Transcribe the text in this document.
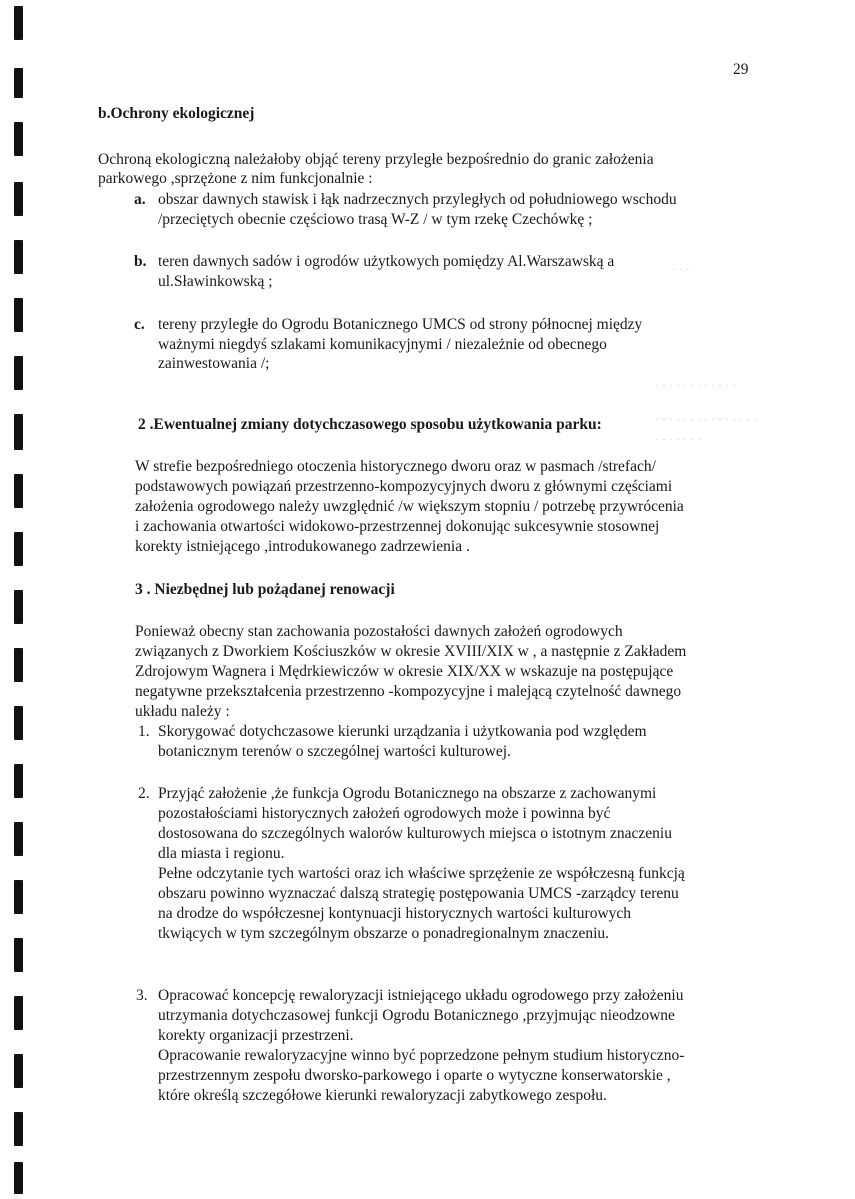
· · ·
· · · · · · · · · · · ·
· · · · · · · · · · · · · · ·
· · · · · · ·
29
b.Ochrony ekologicznej
Ochroną ekologiczną należałoby objąć tereny przyległe bezpośrednio do granic założenia
parkowego ,sprzężone z nim funkcjonalnie :
a. obszar dawnych stawisk i łąk nadrzecznych przyległych od południowego wschodu
/przeciętych obecnie częściowo trasą W-Z / w tym rzekę Czechówkę ;
b. teren dawnych sadów i ogrodów użytkowych pomiędzy Al.Warszawską a
ul.Sławinkowską ;
c. tereny przyległe do Ogrodu Botanicznego UMCS od strony północnej między
ważnymi niegdyś szlakami komunikacyjnymi / niezależnie od obecnego
zainwestowania /;
2 .Ewentualnej zmiany dotychczasowego sposobu użytkowania parku:
W strefie bezpośredniego otoczenia historycznego dworu oraz w pasmach /strefach/
podstawowych powiązań przestrzenno-kompozycyjnych dworu z głównymi częściami
założenia ogrodowego należy uwzględnić /w większym stopniu / potrzebę przywrócenia
i zachowania otwartości widokowo-przestrzennej dokonując sukcesywnie stosownej
korekty istniejącego ,introdukowanego zadrzewienia .
3 . Niezbędnej lub pożądanej renowacji
Ponieważ obecny stan zachowania pozostałości dawnych założeń ogrodowych
związanych z Dworkiem Kościuszków w okresie XVIII/XIX w , a następnie z Zakładem
Zdrojowym Wagnera i Mędrkiewiczów w okresie XIX/XX w wskazuje na postępujące
negatywne przekształcenia przestrzenno -kompozycyjne i malejącą czytelność dawnego
układu należy :
1. Skorygować dotychczasowe kierunki urządzania i użytkowania pod względem
botanicznym terenów o szczególnej wartości kulturowej.
2. Przyjąć założenie ,że funkcja Ogrodu Botanicznego na obszarze z zachowanymi
pozostałościami historycznych założeń ogrodowych może i powinna być
dostosowana do szczególnych walorów kulturowych miejsca o istotnym znaczeniu
dla miasta i regionu.
Pełne odczytanie tych wartości oraz ich właściwe sprzężenie ze współczesną funkcją
obszaru powinno wyznaczać dalszą strategię postępowania UMCS -zarządcy terenu
na drodze do współczesnej kontynuacji historycznych wartości kulturowych
tkwiących w tym szczególnym obszarze o ponadregionalnym znaczeniu.
3. Opracować koncepcję rewaloryzacji istniejącego układu ogrodowego przy założeniu
utrzymania dotychczasowej funkcji Ogrodu Botanicznego ,przyjmując nieodzowne
korekty organizacji przestrzeni.
Opracowanie rewaloryzacyjne winno być poprzedzone pełnym studium historyczno-
przestrzennym zespołu dworsko-parkowego i oparte o wytyczne konserwatorskie ,
które określą szczegółowe kierunki rewaloryzacji zabytkowego zespołu.
